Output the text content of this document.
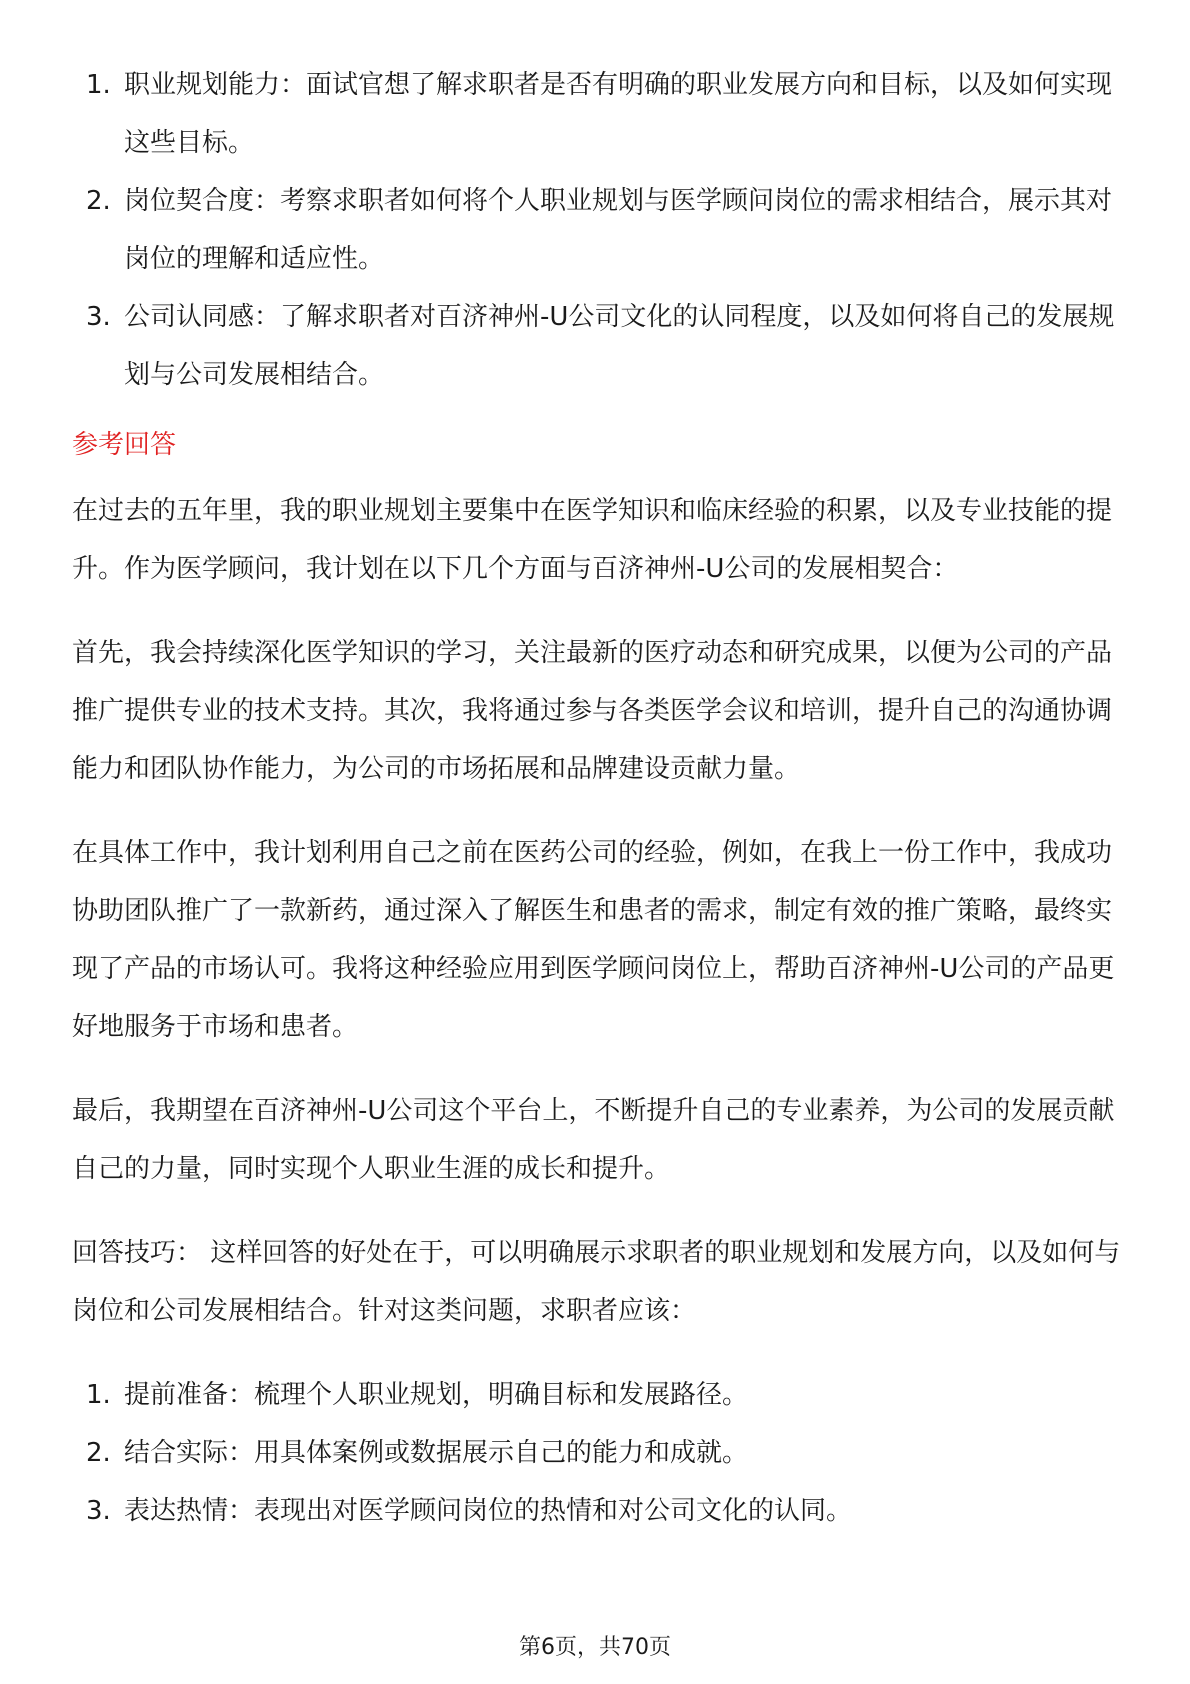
1. 职业规划能力：面试官想了解求职者是否有明确的职业发展方向和目标，以及如何实现这些目标。
2. 岗位契合度：考察求职者如何将个人职业规划与医学顾问岗位的需求相结合，展示其对岗位的理解和适应性。
3. 公司认同感：了解求职者对百济神州-U公司文化的认同程度，以及如何将自己的发展规划与公司发展相结合。
参考回答

在过去的五年里，我的职业规划主要集中在医学知识和临床经验的积累，以及专业技能的提升。作为医学顾问，我计划在以下几个方面与百济神州-U公司的发展相契合：

首先，我会持续深化医学知识的学习，关注最新的医疗动态和研究成果，以便为公司的产品推广提供专业的技术支持。其次，我将通过参与各类医学会议和培训，提升自己的沟通协调能力和团队协作能力，为公司的市场拓展和品牌建设贡献力量。

在具体工作中，我计划利用自己之前在医药公司的经验，例如，在我上一份工作中，我成功协助团队推广了一款新药，通过深入了解医生和患者的需求，制定有效的推广策略，最终实现了产品的市场认可。我将这种经验应用到医学顾问岗位上，帮助百济神州-U公司的产品更好地服务于市场和患者。

最后，我期望在百济神州-U公司这个平台上，不断提升自己的专业素养，为公司的发展贡献自己的力量，同时实现个人职业生涯的成长和提升。

回答技巧： 这样回答的好处在于，可以明确展示求职者的职业规划和发展方向，以及如何与岗位和公司发展相结合。针对这类问题，求职者应该：

1. 提前准备：梳理个人职业规划，明确目标和发展路径。
2. 结合实际：用具体案例或数据展示自己的能力和成就。
3. 表达热情：表现出对医学顾问岗位的热情和对公司文化的认同。
第6页，共70页
